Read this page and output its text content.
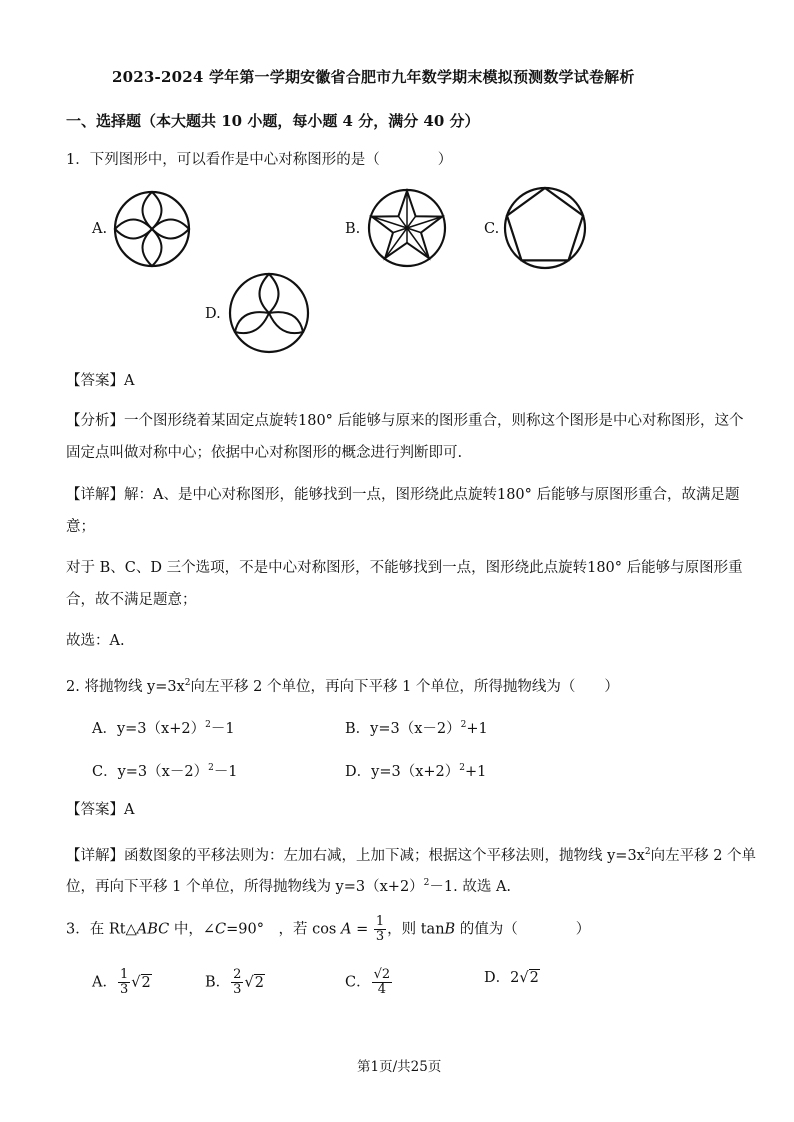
2023-2024 学年第一学期安徽省合肥市九年数学期末模拟预测数学试卷解析
一、选择题（本大题共 10 小题，每小题 4 分，满分 40 分）
1．下列图形中，可以看作是中心对称图形的是（　　　　）
A.	B.	C.
D.
【答案】A
【分析】一个图形绕着某固定点旋转180° 后能够与原来的图形重合，则称这个图形是中心对称图形，这个
固定点叫做对称中心；依据中心对称图形的概念进行判断即可.
【详解】解：A、是中心对称图形，能够找到一点，图形绕此点旋转180° 后能够与原图形重合，故满足题
意；
对于 B、C、D 三个选项，不是中心对称图形，不能够找到一点，图形绕此点旋转180° 后能够与原图形重
合，故不满足题意；
故选：A.
2. 将抛物线 $y=3x^2$向左平移 2 个单位，再向下平移 1 个单位，所得抛物线为（　　）
A．$y=3(x+2)^2-1$	B．$y=3(x-2)^2+1$
C．$y=3(x-2)^2-1$	D．$y=3(x+2)^2+1$
【答案】A
【详解】函数图象的平移法则为：左加右减，上加下减；根据这个平移法则，抛物线 $y=3x^2$向左平移 2 个单
位，再向下平移 1 个单位，所得抛物线为 $y=3(x+2)^2-1$. 故选 A.
3．在 Rt△ABC 中，∠C=90°　，若 $\cos A = \frac{1}{3}$ ，则 tanB 的值为（　　　　）
A． $\frac{1}{3} √2$	B． $\frac{2}{3} √2$	C． $\frac{√2}{4}$	D．2√2
第1页/共25页
